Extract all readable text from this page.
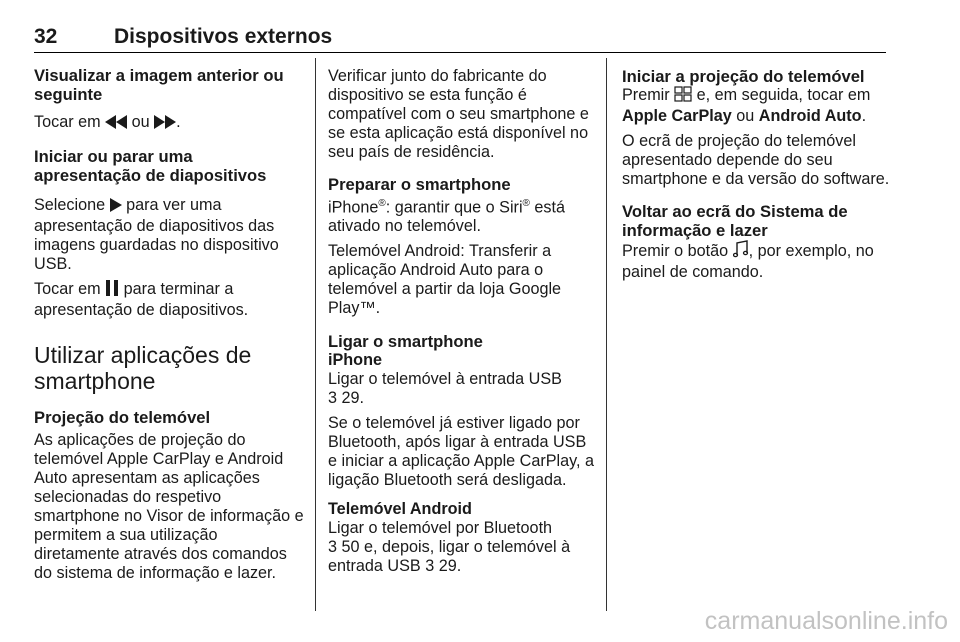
32	Dispositivos externos

Visualizar a imagem anterior ou
seguinte

Tocar em  ou .

Iniciar ou parar uma
apresentação de diapositivos

Selecione  para ver uma
apresentação de diapositivos das
imagens guardadas no dispositivo
USB.

Tocar em  para terminar a
apresentação de diapositivos.

Utilizar aplicações de
smartphone

Projeção do telemóvel

As aplicações de projeção do
telemóvel Apple CarPlay e Android
Auto apresentam as aplicações
selecionadas do respetivo
smartphone no Visor de informação e
permitem a sua utilização
diretamente através dos comandos
do sistema de informação e lazer.

Verificar junto do fabricante do
dispositivo se esta função é
compatível com o seu smartphone e
se esta aplicação está disponível no
seu país de residência.

Preparar o smartphone

iPhone®: garantir que o Siri® está
ativado no telemóvel.

Telemóvel Android: Transferir a
aplicação Android Auto para o
telemóvel a partir da loja Google
Play™.

Ligar o smartphone

iPhone

Ligar o telemóvel à entrada USB
3 29.

Se o telemóvel já estiver ligado por
Bluetooth, após ligar à entrada USB
e iniciar a aplicação Apple CarPlay, a
ligação Bluetooth será desligada.

Telemóvel Android

Ligar o telemóvel por Bluetooth
3 50 e, depois, ligar o telemóvel à
entrada USB 3 29.

Iniciar a projeção do telemóvel

Premir  e, em seguida, tocar em
Apple CarPlay ou Android Auto.

O ecrã de projeção do telemóvel
apresentado depende do seu
smartphone e da versão do software.

Voltar ao ecrã do Sistema de
informação e lazer

Premir o botão , por exemplo, no
painel de comando.

carmanualsonline.info
